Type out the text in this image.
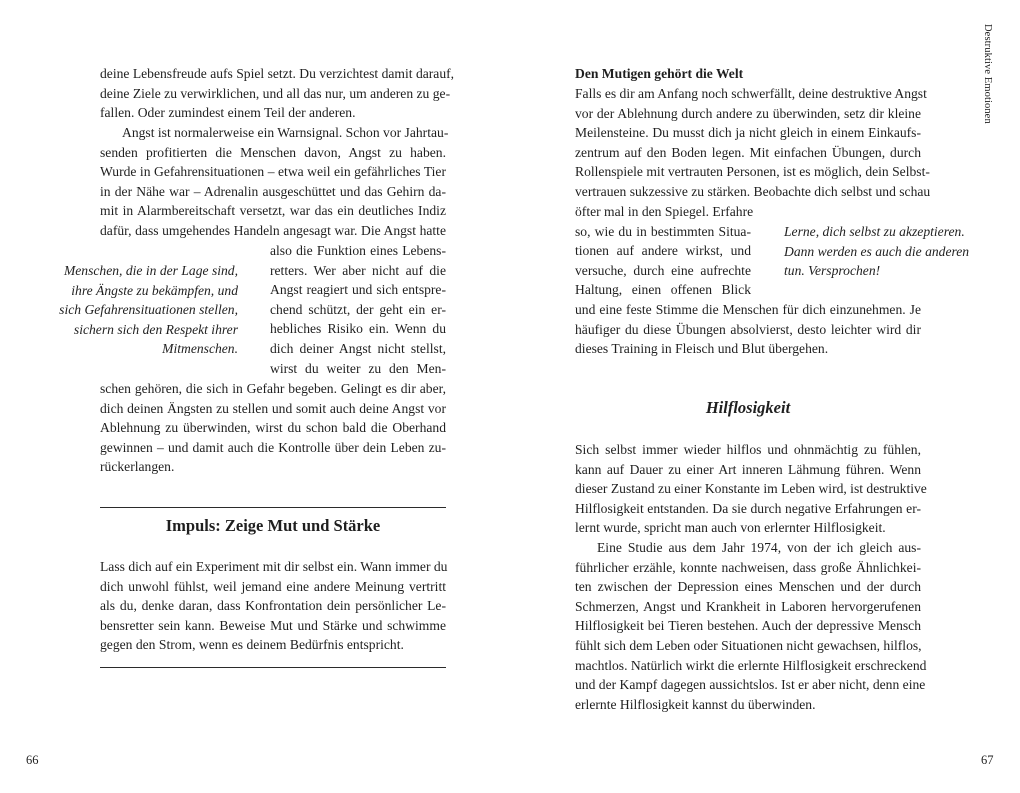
deine Lebensfreude aufs Spiel setzt. Du verzichtest damit darauf,
deine Ziele zu verwirklichen, und all das nur, um anderen zu ge-
fallen. Oder zumindest einem Teil der anderen.
Angst ist normalerweise ein Warnsignal. Schon vor Jahrtau-
senden profitierten die Menschen davon, Angst zu haben.
Wurde in Gefahrensituationen – etwa weil ein gefährliches Tier
in der Nähe war – Adrenalin ausgeschüttet und das Gehirn da-
mit in Alarmbereitschaft versetzt, war das ein deutliches Indiz
dafür, dass umgehendes Handeln angesagt war. Die Angst hatte
also die Funktion eines Lebens-
retters. Wer aber nicht auf die
Angst reagiert und sich entspre-
chend schützt, der geht ein er-
hebliches Risiko ein. Wenn du
dich deiner Angst nicht stellst,
wirst du weiter zu den Men-
Menschen, die in der Lage sind,
ihre Ängste zu bekämpfen, und
sich Gefahrensituationen stellen,
sichern sich den Respekt ihrer
Mitmenschen.
schen gehören, die sich in Gefahr begeben. Gelingt es dir aber,
dich deinen Ängsten zu stellen und somit auch deine Angst vor
Ablehnung zu überwinden, wirst du schon bald die Oberhand
gewinnen – und damit auch die Kontrolle über dein Leben zu-
rückerlangen.
Impuls: Zeige Mut und Stärke
Lass dich auf ein Experiment mit dir selbst ein. Wann immer du
dich unwohl fühlst, weil jemand eine andere Meinung vertritt
als du, denke daran, dass Konfrontation dein persönlicher Le-
bensretter sein kann. Beweise Mut und Stärke und schwimme
gegen den Strom, wenn es deinem Bedürfnis entspricht.
66
Destruktive Emotionen
Den Mutigen gehört die Welt
Falls es dir am Anfang noch schwerfällt, deine destruktive Angst
vor der Ablehnung durch andere zu überwinden, setz dir kleine
Meilensteine. Du musst dich ja nicht gleich in einem Einkaufs-
zentrum auf den Boden legen. Mit einfachen Übungen, durch
Rollenspiele mit vertrauten Personen, ist es möglich, dein Selbst-
vertrauen sukzessive zu stärken. Beobachte dich selbst und schau
öfter mal in den Spiegel. Erfahre
so, wie du in bestimmten Situa-
tionen auf andere wirkst, und
versuche, durch eine aufrechte
Haltung, einen offenen Blick
Lerne, dich selbst zu akzeptieren.
Dann werden es auch die anderen
tun. Versprochen!
und eine feste Stimme die Menschen für dich einzunehmen. Je
häufiger du diese Übungen absolvierst, desto leichter wird dir
dieses Training in Fleisch und Blut übergehen.
Hilflosigkeit
Sich selbst immer wieder hilflos und ohnmächtig zu fühlen,
kann auf Dauer zu einer Art inneren Lähmung führen. Wenn
dieser Zustand zu einer Konstante im Leben wird, ist destruktive
Hilflosigkeit entstanden. Da sie durch negative Erfahrungen er-
lernt wurde, spricht man auch von erlernter Hilflosigkeit.
Eine Studie aus dem Jahr 1974, von der ich gleich aus-
führlicher erzähle, konnte nachweisen, dass große Ähnlichkei-
ten zwischen der Depression eines Menschen und der durch
Schmerzen, Angst und Krankheit in Laboren hervorgerufenen
Hilflosigkeit bei Tieren bestehen. Auch der depressive Mensch
fühlt sich dem Leben oder Situationen nicht gewachsen, hilflos,
machtlos. Natürlich wirkt die erlernte Hilflosigkeit erschreckend
und der Kampf dagegen aussichtslos. Ist er aber nicht, denn eine
erlernte Hilflosigkeit kannst du überwinden.
67
